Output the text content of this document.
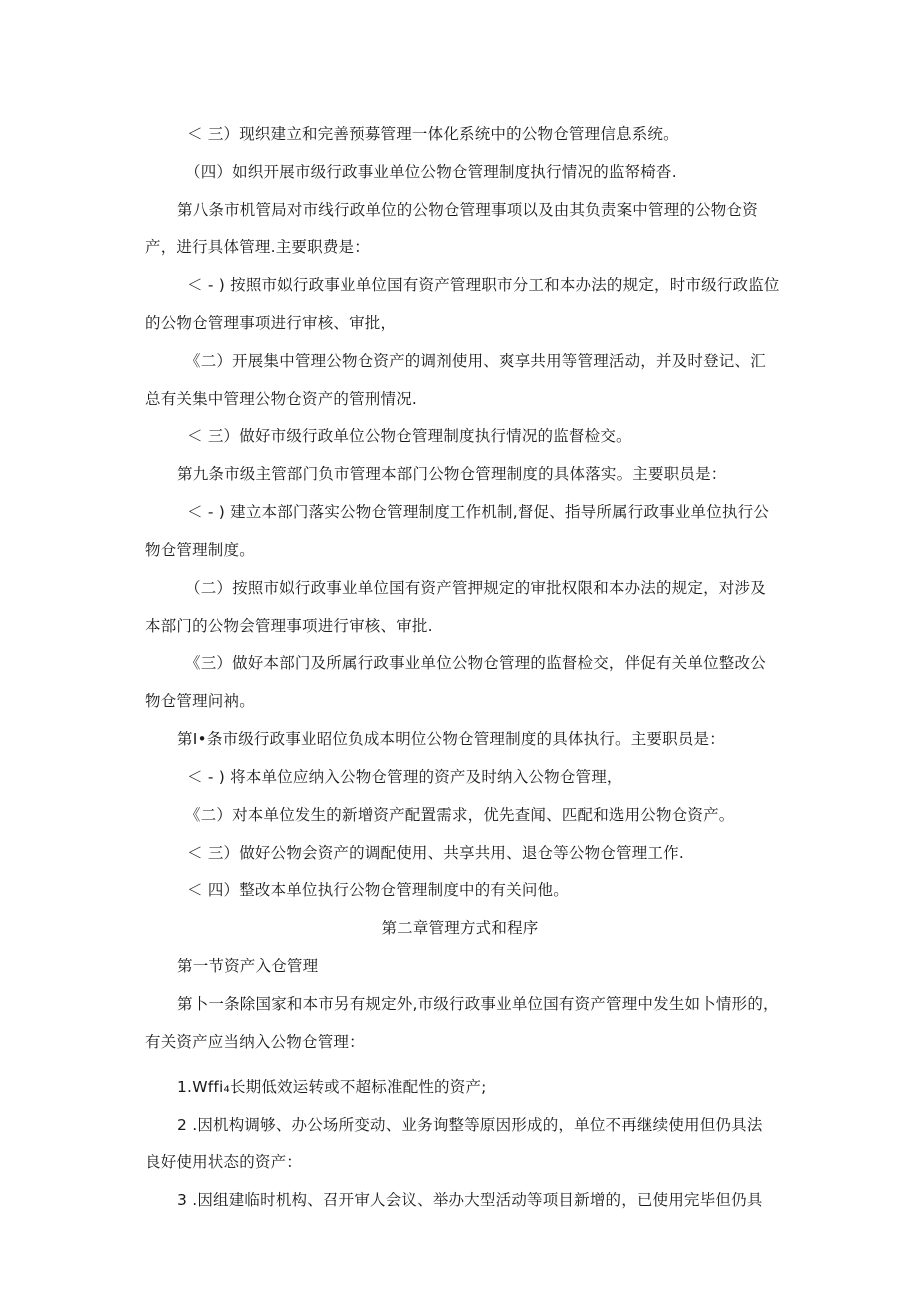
＜ 三）现织建立和完善预募管理一体化系统中的公物仓管理信息系统。
（四）如织开展市级行政事业单位公物仓管理制度执行情况的监帑椅沓.
第八条市机管局对市线行政单位的公物仓管理事项以及由其负责案中管理的公物仓资
产，进行具体管理.主要职费是：
＜ - ) 按照市姒行政事业单位国有资产管理职市分工和本办法的规定，时市级行政监位
的公物仓管理事项进行审核、审批，
《二）开展集中管理公物仓资产的调剂使用、爽享共用等管理活动，并及时登记、汇
总有关集中管理公物仓资产的管刑情况.
＜ 三）做好市级行政单位公物仓管理制度执行情况的监督检交。
第九条市级主管部门负市管理本部门公物仓管理制度的具体落实。主要职员是：
＜ - ) 建立本部门落实公物仓管理制度工作机制,督促、指导所属行政事业单位执行公
物仓管理制度。
（二）按照市姒行政事业单位国有资产管押规定的审批权限和本办法的规定，对涉及
本部门的公物会管理事项进行审核、审批.
《三）做好本部门及所属行政事业单位公物仓管理的监督检交，伴促有关单位整改公
物仓管理问衲。
第I•条市级行政事业昭位负成本明位公物仓管理制度的具体执行。主要职员是：
＜ - ) 将本单位应纳入公物仓管理的资产及时纳入公物仓管理，
《二）对本单位发生的新增资产配置需求，优先查闻、匹配和选用公物仓资产。
＜ 三）做好公物会资产的调配使用、共享共用、退仓等公物仓管理工作.
＜ 四）整改本单位执行公物仓管理制度中的有关问他。
第二章管理方式和程序
第一节资产入仓管理
第卜一条除国家和本市另有规定外,市级行政事业单位国有资产管理中发生如卜情形的，
有关资产应当纳入公物仓管理：
1.Wffi₄长期低效运转或不超标准配性的资产;
2 .因机构调够、办公场所变动、业务询整等原因形成的，单位不再继续使用但仍具法
良好使用状态的资产：
3 .因组建临时机构、召开审人会议、举办大型活动等项目新增的，已使用完毕但仍具
